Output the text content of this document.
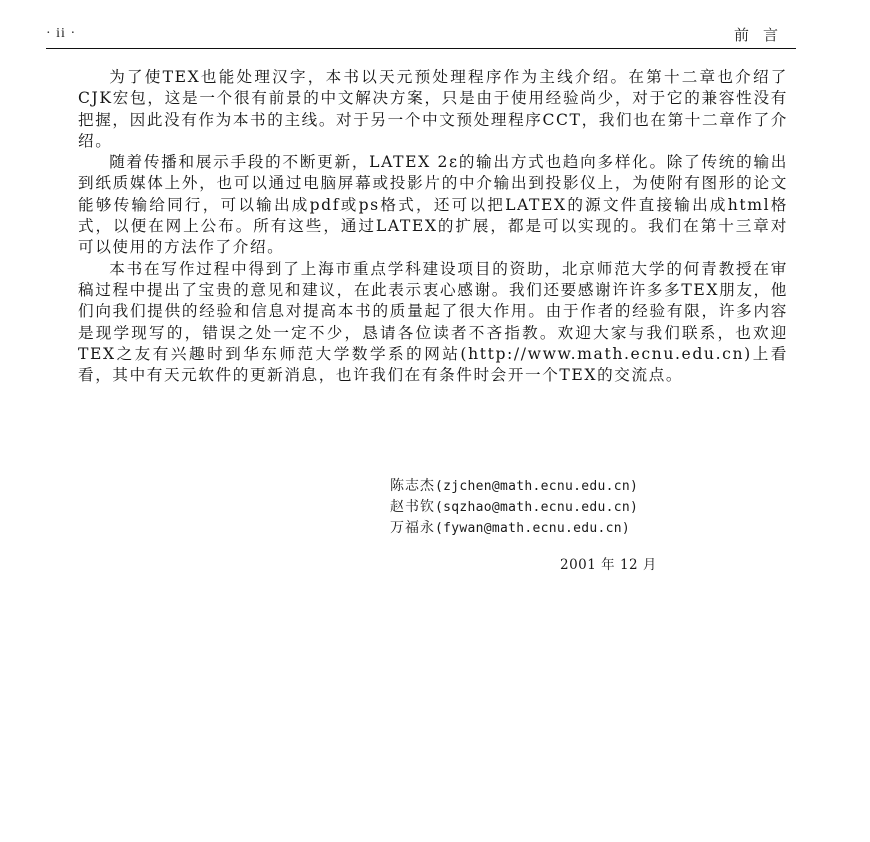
· ii ·	前言

为了使TEX也能处理汉字，本书以天元预处理程序作为主线介绍。在第十二章也介绍了CJK宏包，这是一个很有前景的中文解决方案，只是由于使用经验尚少，对于它的兼容性没有把握，因此没有作为本书的主线。对于另一个中文预处理程序CCT，我们也在第十二章作了介绍。

随着传播和展示手段的不断更新，LATEX 2ε的输出方式也趋向多样化。除了传统的输出到纸质媒体上外，也可以通过电脑屏幕或投影片的中介输出到投影仪上，为使附有图形的论文能够传输给同行，可以输出成pdf或ps格式，还可以把LATEX的源文件直接输出成html格式，以便在网上公布。所有这些，通过LATEX的扩展，都是可以实现的。我们在第十三章对可以使用的方法作了介绍。

本书在写作过程中得到了上海市重点学科建设项目的资助，北京师范大学的何青教授在审稿过程中提出了宝贵的意见和建议，在此表示衷心感谢。我们还要感谢许许多多TEX朋友，他们向我们提供的经验和信息对提高本书的质量起了很大作用。由于作者的经验有限，许多内容是现学现写的，错误之处一定不少，恳请各位读者不吝指教。欢迎大家与我们联系，也欢迎TEX之友有兴趣时到华东师范大学数学系的网站(http://www.math.ecnu.edu.cn)上看看，其中有天元软件的更新消息，也许我们在有条件时会开一个TEX的交流点。

陈志杰(zjchen@math.ecnu.edu.cn)
赵书钦(sqzhao@math.ecnu.edu.cn)
万福永(fywan@math.ecnu.edu.cn)
2001 年 12 月
